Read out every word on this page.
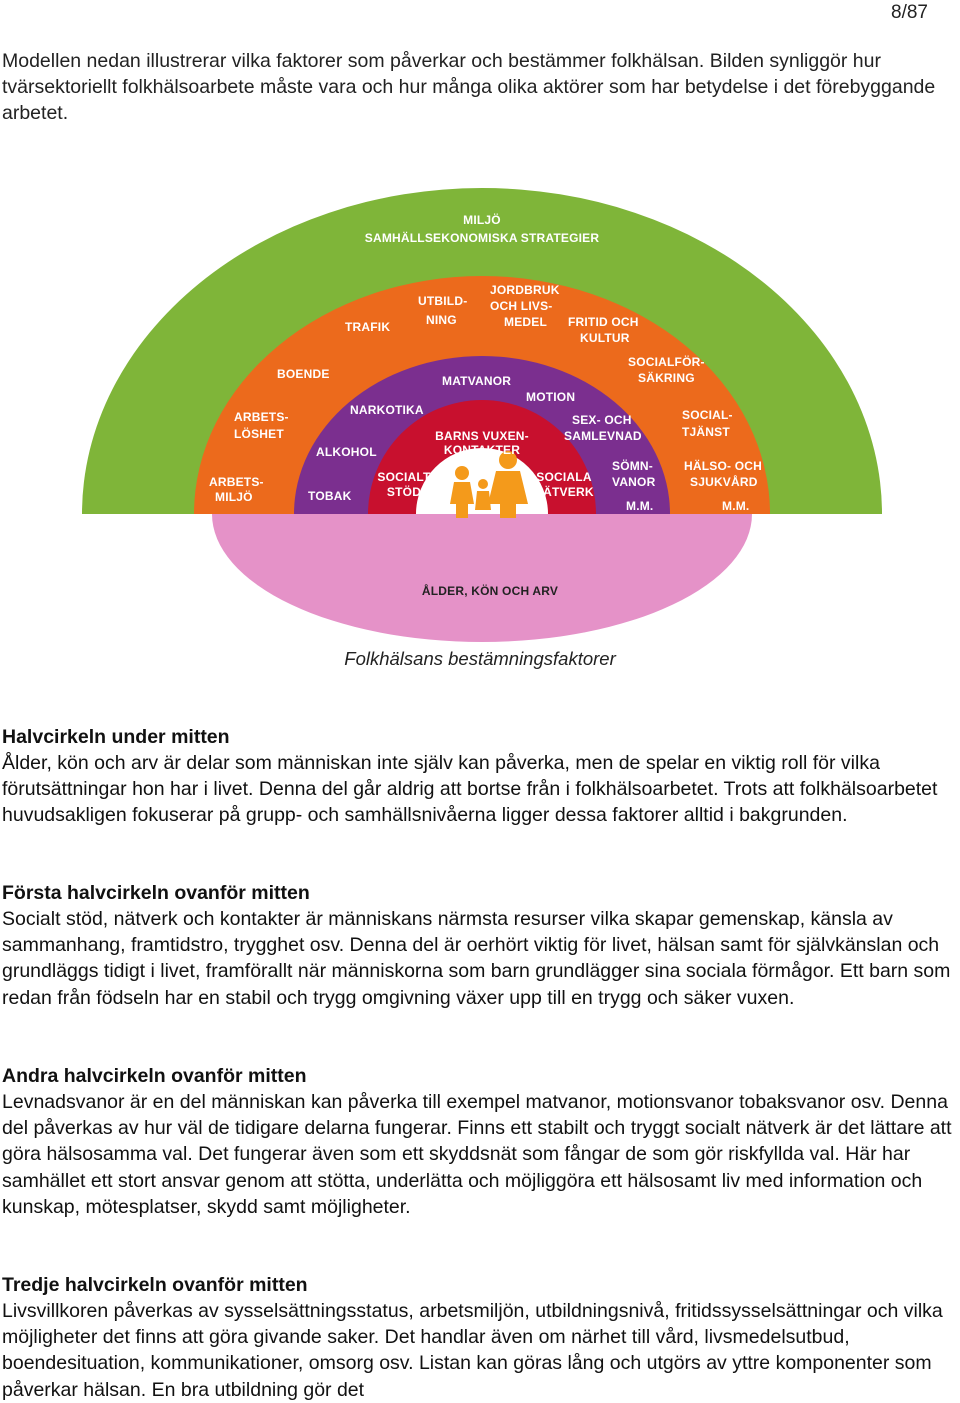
8/87

Modellen nedan illustrerar vilka faktorer som påverkar och bestämmer folkhälsan. Bilden synliggör hur tvärsektoriellt folkhälsoarbete måste vara och hur många olika aktörer som har betydelse i det förebyggande arbetet.

MILJÖ
SAMHÄLLSEKONOMISKA STRATEGIER
ARBETS-
MILJÖ
ARBETS-
LÖSHET
BOENDE
TRAFIK
UTBILD-
NING
JORDBRUK
OCH LIVS-
MEDEL FRITID OCH
KULTUR
SOCIALFÖR-
SÄKRING
SOCIAL-
TJÄNST
HÄLSO- OCH
SJUKVÅRD
M.M.
TOBAK
ALKOHOL
NARKOTIKA
MATVANOR
MOTION
SEX- OCH
SAMLEVNAD
SÖMN-
VANOR
M.M.
BARNS VUXEN-
KONTAKTER
SOCIALT
STÖD
SOCIALA
NÄTVERK
ÅLDER, KÖN OCH ARV

Folkhälsans bestämningsfaktorer

Halvcirkeln under mitten

Ålder, kön och arv är delar som människan inte själv kan påverka, men de spelar en viktig roll för vilka förutsättningar hon har i livet. Denna del går aldrig att bortse från i folkhälsoarbetet. Trots att folkhälsoarbetet huvudsakligen fokuserar på grupp- och samhällsnivåerna ligger dessa faktorer alltid i bakgrunden.

Första halvcirkeln ovanför mitten

Socialt stöd, nätverk och kontakter är människans närmsta resurser vilka skapar gemenskap, känsla av sammanhang, framtidstro, trygghet osv. Denna del är oerhört viktig för livet, hälsan samt för självkänslan och grundläggs tidigt i livet, framförallt när människorna som barn grundlägger sina sociala förmågor. Ett barn som redan från födseln har en stabil och trygg omgivning växer upp till en trygg och säker vuxen.

Andra halvcirkeln ovanför mitten

Levnadsvanor är en del människan kan påverka till exempel matvanor, motionsvanor tobaksvanor osv. Denna del påverkas av hur väl de tidigare delarna fungerar. Finns ett stabilt och tryggt socialt nätverk är det lättare att göra hälsosamma val. Det fungerar även som ett skyddsnät som fångar de som gör riskfyllda val. Här har samhället ett stort ansvar genom att stötta, underlätta och möjliggöra ett hälsosamt liv med information och kunskap, mötesplatser, skydd samt möjligheter.

Tredje halvcirkeln ovanför mitten

Livsvillkoren påverkas av sysselsättningsstatus, arbetsmiljön, utbildningsnivå, fritidssysselsättningar och vilka möjligheter det finns att göra givande saker. Det handlar även om närhet till vård, livsmedelsutbud, boendesituation, kommunikationer, omsorg osv. Listan kan göras lång och utgörs av yttre komponenter som påverkar hälsan. En bra utbildning gör det
